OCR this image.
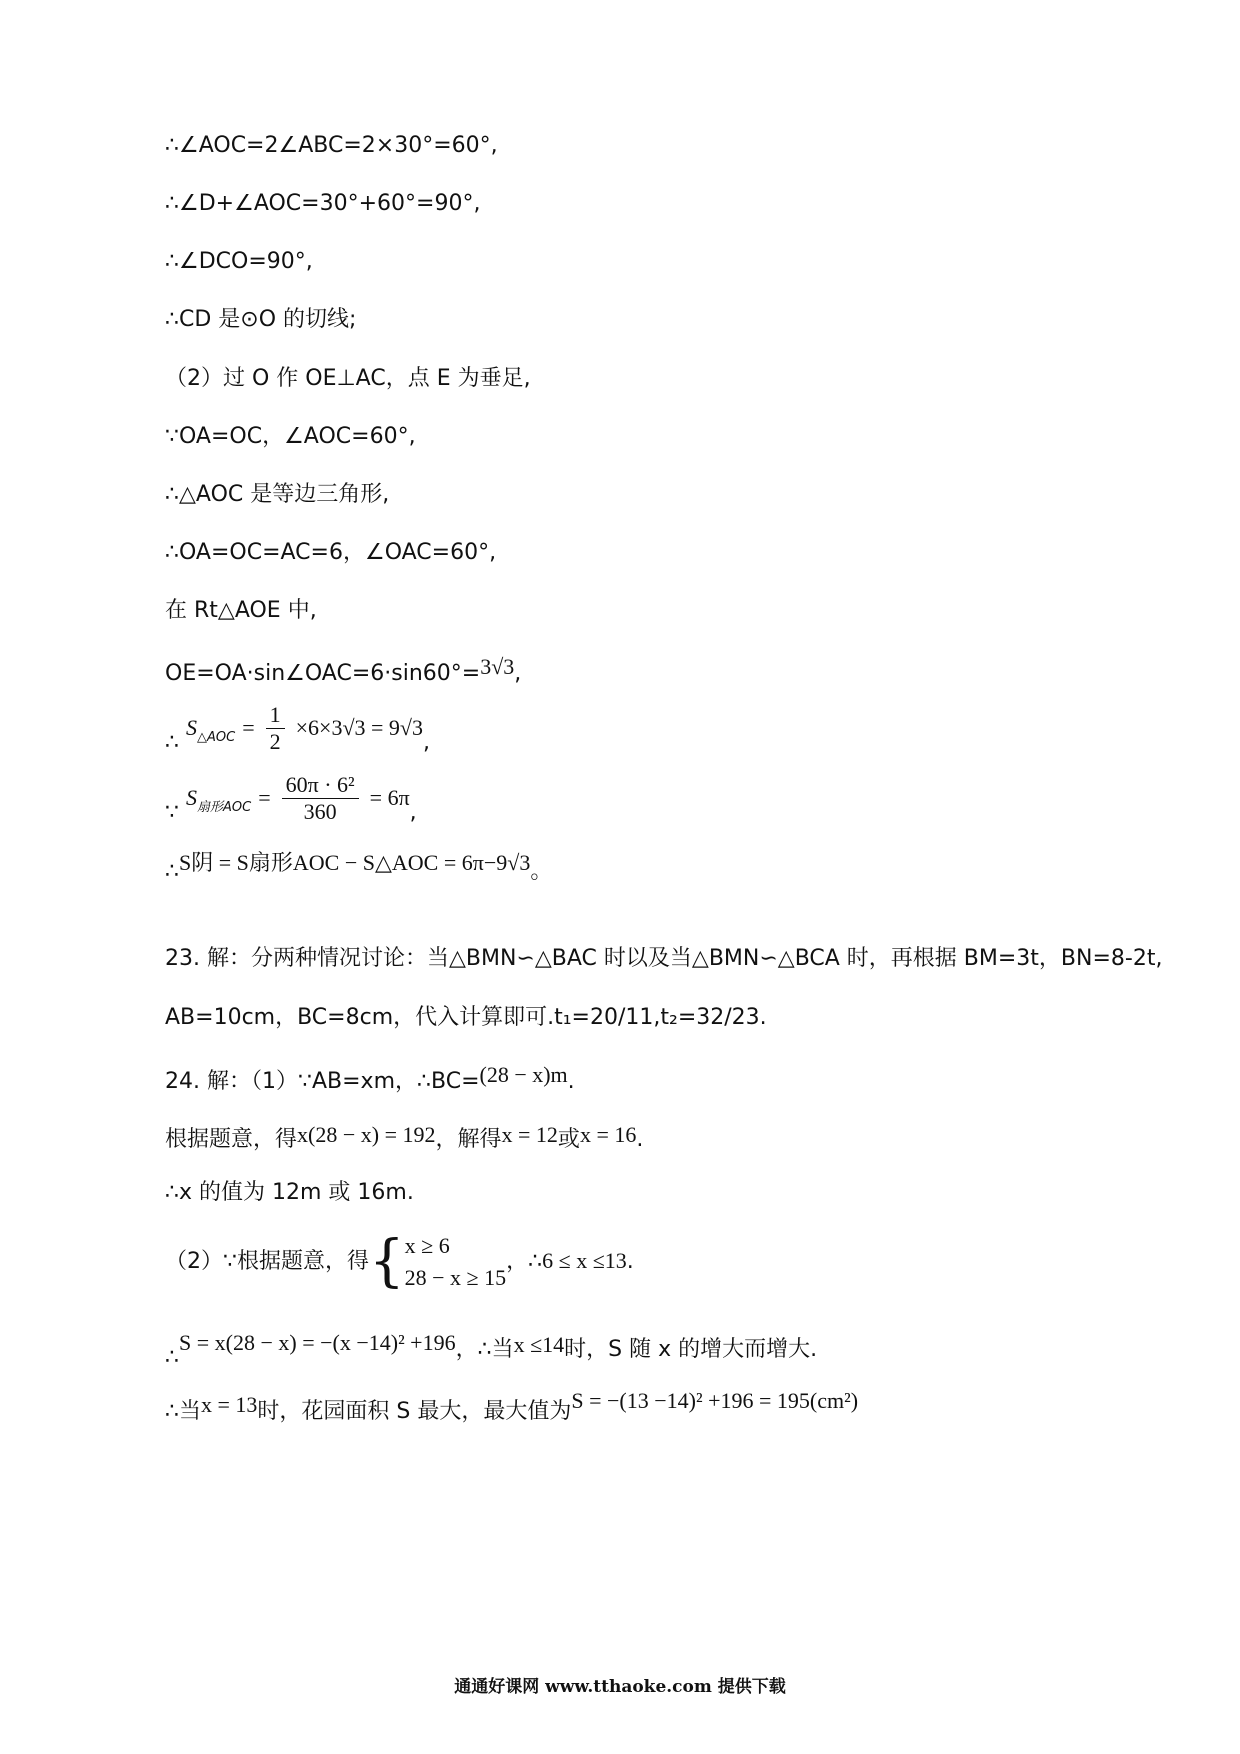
∴∠AOC=2∠ABC=2×30°=60°,
∴∠D+∠AOC=30°+60°=90°,
∴∠DCO=90°,
∴CD 是⊙O 的切线;
（2）过 O 作 OE⊥AC，点 E 为垂足,
∵OA=OC，∠AOC=60°,
∴△AOC 是等边三角形,
∴OA=OC=AC=6，∠OAC=60°,
在 Rt△AOE 中,
OE=OA·sin∠OAC=6·sin60°=3√3,
∴ $S_{\triangle AOC} = \frac{1}{2} \times 6\times 3√3 = 9√3$,
∵ $S_{扇形AOC} = \frac{\text{60π · 6²}}{360} = 6\pi$,
∴S阴 = S扇形AOC − S△AOC = 6π−9√3。
23. 解：分两种情况讨论：当△BMN∽△BAC 时以及当△BMN∽△BCA 时，再根据 BM=3t，BN=8-2t,
AB=10cm，BC=8cm，代入计算即可.t₁=20/11,t₂=32/23.
24. 解：（1）∵AB=xm，∴BC=(28 − x)m.
根据题意，得x(28 − x) = 192，解得x = 12或x = 16.
∴x 的值为 12m 或 16m.
（2）∵根据题意，得{ x ≥ 6
28 − x ≥ 15
，∴6 ≤ x ≤13.
∴S = x(28 − x) = −(x −14)² +196，∴当x ≤14时，S 随 x 的增大而增大.
∴当x = 13时，花园面积 S 最大，最大值为S = −(13 −14)² +196 = 195(cm²)
通通好课网 www.tthaoke.com 提供下载
